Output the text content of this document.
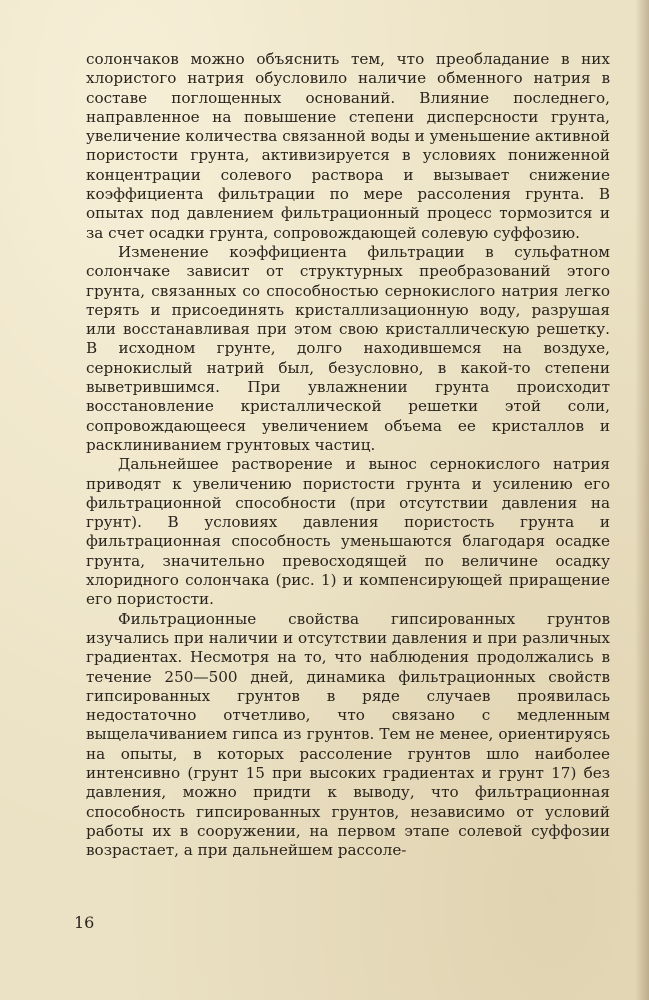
солончаков можно объяснить тем, что преобладание в них хлористого натрия обусловило наличие обменного натрия в составе поглощенных оснований. Влияние последнего, направленное на повышение степени дисперсности грунта, увеличение количества связанной воды и уменьшение активной пористости грунта, активизируется в условиях пониженной концентрации солевого раствора и вызывает снижение коэффициента фильтрации по мере рассоления грунта. В опытах под давлением фильтрационный процесс тормозится и за счет осадки грунта, сопровождающей солевую суффозию.

Изменение коэффициента фильтрации в сульфатном солончаке зависит от структурных преобразований этого грунта, связанных со способностью сернокислого натрия легко терять и присоединять кристаллизационную воду, разрушая или восстанавливая при этом свою кристаллическую решетку. В исходном грунте, долго находившемся на воздухе, сернокислый натрий был, безусловно, в какой-то степени выветрившимся. При увлажнении грунта происходит восстановление кристаллической решетки этой соли, сопровождающееся увеличением объема ее кристаллов и расклиниванием грунтовых частиц.

Дальнейшее растворение и вынос сернокислого натрия приводят к увеличению пористости грунта и усилению его фильтрационной способности (при отсутствии давления на грунт). В условиях давления пористость грунта и фильтрационная способность уменьшаются благодаря осадке грунта, значительно превосходящей по величине осадку хлоридного солончака (рис. 1) и компенсирующей приращение его пористости.

Фильтрационные свойства гипсированных грунтов изучались при наличии и отсутствии давления и при различных градиентах. Несмотря на то, что наблюдения продолжались в течение 250—500 дней, динамика фильтрационных свойств гипсированных грунтов в ряде случаев проявилась недостаточно отчетливо, что связано с медленным выщелачиванием гипса из грунтов. Тем не менее, ориентируясь на опыты, в которых рассоление грунтов шло наиболее интенсивно (грунт 15 при высоких градиентах и грунт 17) без давления, можно придти к выводу, что фильтрационная способность гипсированных грунтов, независимо от условий работы их в сооружении, на первом этапе солевой суффозии возрастает, а при дальнейшем рассоле-

16
